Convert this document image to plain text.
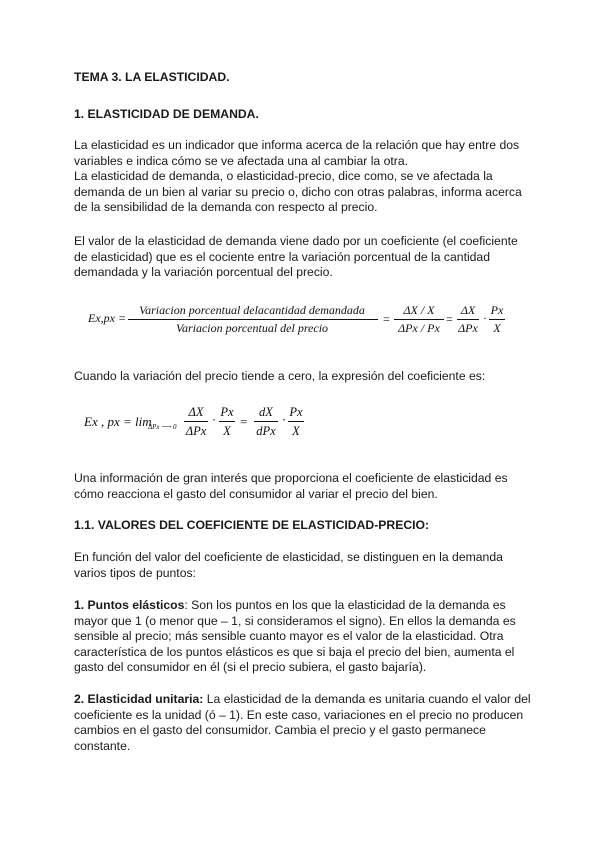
TEMA 3. LA ELASTICIDAD.
1. ELASTICIDAD DE DEMANDA.
La elasticidad es un indicador que informa acerca de la relación que hay entre dos
variables e indica cómo se ve afectada una al cambiar la otra.
La elasticidad de demanda, o elasticidad-precio, dice como, se ve afectada la
demanda de un bien al variar su precio o, dicho con otras palabras, informa acerca
de la sensibilidad de la demanda con respecto al precio.
El valor de la elasticidad de demanda viene dado por un coeficiente (el coeficiente
de elasticidad) que es el cociente entre la variación porcentual de la cantidad
demandada y la variación porcentual del precio.
Ex,px =
Variacion porcentual delacantidad demandada
Variacion porcentual del precio
=
ΔX / X
ΔPx / Px
=
ΔX
ΔPx
·
Px
X
Cuando la variación del precio tiende a cero, la expresión del coeficiente es:
Ex , px = lim
ΔPx ⟶ 0
ΔX
ΔPx
·
Px
X
=
dX
dPx
·
Px
X
Una información de gran interés que proporciona el coeficiente de elasticidad es
cómo reacciona el gasto del consumidor al variar el precio del bien.
1.1. VALORES DEL COEFICIENTE DE ELASTICIDAD-PRECIO:
En función del valor del coeficiente de elasticidad, se distinguen en la demanda
varios tipos de puntos:
1. Puntos elásticos: Son los puntos en los que la elasticidad de la demanda es
mayor que 1 (o menor que – 1, si consideramos el signo). En ellos la demanda es
sensible al precio; más sensible cuanto mayor es el valor de la elasticidad. Otra
característica de los puntos elásticos es que si baja el precio del bien, aumenta el
gasto del consumidor en él (si el precio subiera, el gasto bajaría).
2. Elasticidad unitaria: La elasticidad de la demanda es unitaria cuando el valor del
coeficiente es la unidad (ó – 1). En este caso, variaciones en el precio no producen
cambios en el gasto del consumidor. Cambia el precio y el gasto permanece
constante.
